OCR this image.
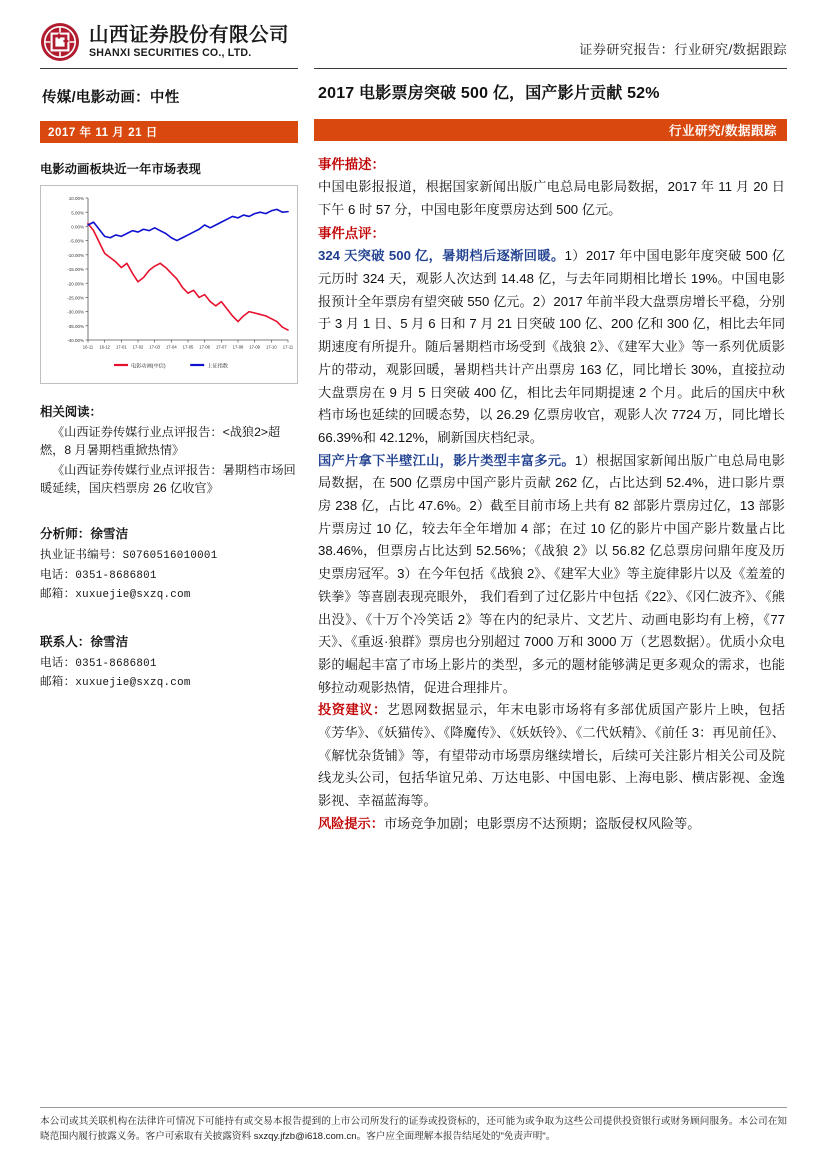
山西证券股份有限公司
SHANXI SECURITIES CO., LTD.	证券研究报告：行业研究/数据跟踪
传媒/电影动画：中性
2017 年 11 月 21 日
电影动画板块近一年市场表现
10.00%
5.00%
0.00%
-5.00%
-10.00%
-15.00%
-20.00%
-25.00%
-30.00%
-35.00%
-40.00%
16-11 16-12 17-01 17-02 17-03 17-04 17-05 17-06 17-07 17-08 17-09 17-10 17-11
电影动画(中信)	上证指数
相关阅读：
《山西证券传媒行业点评报告：<战狼2>超燃，8 月暑期档重掀热情》
《山西证券传媒行业点评报告：暑期档市场回暖延续，国庆档票房 26 亿收官》
分析师：徐雪洁
执业证书编号：S0760516010001
电话：0351-8686801
邮箱：xuxuejie@sxzq.com
联系人：徐雪洁
电话：0351-8686801
邮箱：xuxuejie@sxzq.com
2017 电影票房突破 500 亿，国产影片贡献 52%
行业研究/数据跟踪
事件描述：

中国电影报报道，根据国家新闻出版广电总局电影局数据，2017 年 11 月 20 日下午 6 时 57 分，中国电影年度票房达到 500 亿元。

事件点评：

324 天突破 500 亿，暑期档后逐渐回暖。1）2017 年中国电影年度突破 500 亿元历时 324 天，观影人次达到 14.48 亿，与去年同期相比增长 19%。中国电影报预计全年票房有望突破 550 亿元。2）2017 年前半段大盘票房增长平稳，分别于 3 月 1 日、5 月 6 日和 7 月 21 日突破 100 亿、200 亿和 300 亿，相比去年同期速度有所提升。随后暑期档市场受到《战狼 2》、《建军大业》等一系列优质影片的带动，观影回暖，暑期档共计产出票房 163 亿，同比增长 30%，直接拉动大盘票房在 9 月 5 日突破 400 亿，相比去年同期提速 2 个月。此后的国庆中秋档市场也延续的回暖态势，以 26.29 亿票房收官，观影人次 7724 万，同比增长 66.39%和 42.12%，刷新国庆档纪录。

国产片拿下半壁江山，影片类型丰富多元。1）根据国家新闻出版广电总局电影局数据，在 500 亿票房中国产影片贡献 262 亿，占比达到 52.4%，进口影片票房 238 亿，占比 47.6%。2）截至目前市场上共有 82 部影片票房过亿，13 部影片票房过 10 亿，较去年全年增加 4 部；在过 10 亿的影片中国产影片数量占比 38.46%，但票房占比达到 52.56%；《战狼 2》以 56.82 亿总票房问鼎年度及历史票房冠军。3）在今年包括《战狼 2》、《建军大业》等主旋律影片以及《羞羞的铁拳》等喜剧表现亮眼外， 我们看到了过亿影片中包括《22》、《冈仁波齐》、《熊出没》、《十万个冷笑话 2》等在内的纪录片、文艺片、动画电影均有上榜，《77 天》、《重返·狼群》票房也分别超过 7000 万和 3000 万（艺恩数据）。优质小众电影的崛起丰富了市场上影片的类型，多元的题材能够满足更多观众的需求，也能够拉动观影热情，促进合理排片。

投资建议：艺恩网数据显示，年末电影市场将有多部优质国产影片上映，包括《芳华》、《妖猫传》、《降魔传》、《妖妖铃》、《二代妖精》、《前任 3：再见前任》、《解忧杂货铺》等，有望带动市场票房继续增长，后续可关注影片相关公司及院线龙头公司，包括华谊兄弟、万达电影、中国电影、上海电影、横店影视、金逸影视、幸福蓝海等。

风险提示：市场竞争加剧；电影票房不达预期；盗版侵权风险等。

本公司或其关联机构在法律许可情况下可能持有或交易本报告提到的上市公司所发行的证券或投资标的，还可能为或争取为这些公司提供投资银行或财务顾问服务。本公司在知晓范围内履行披露义务。客户可索取有关披露资料 sxzqy.jfzb@i618.com.cn。客户应全面理解本报告结尾处的"免责声明"。
